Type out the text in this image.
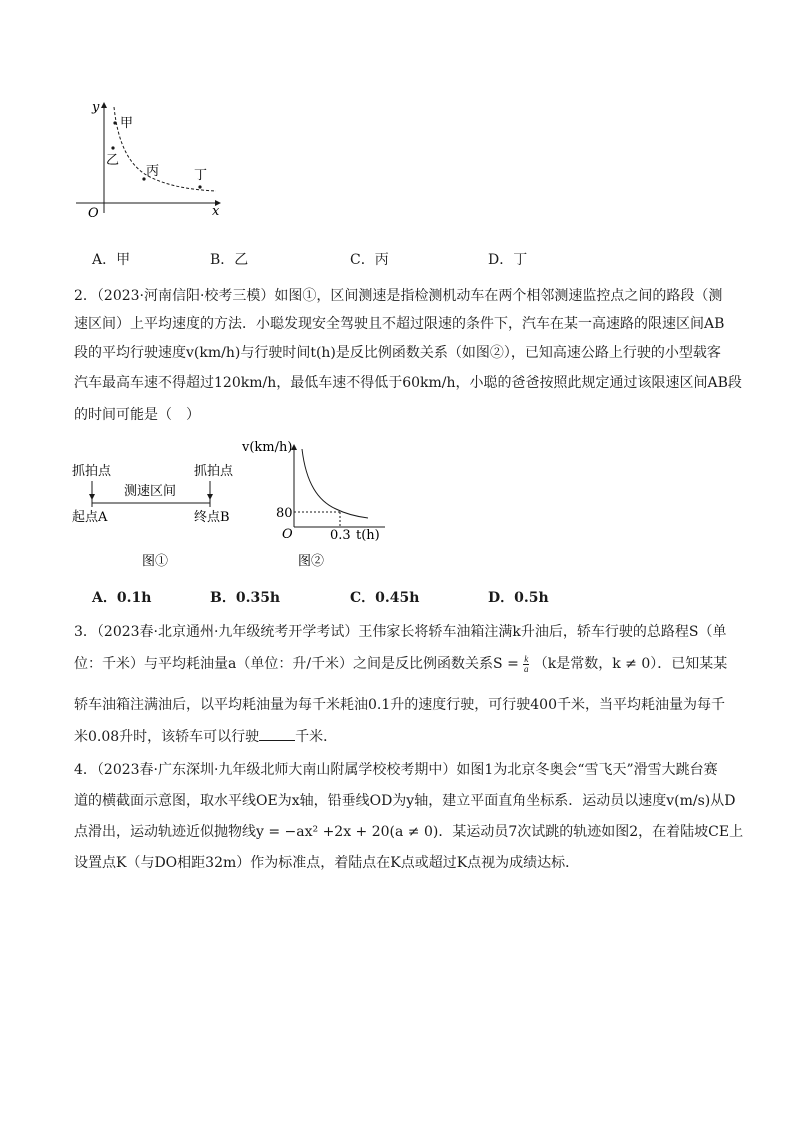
y
x
O
甲
乙
丙	丁
A．甲	B．乙	C．丙	D．丁
2．（2023·河南信阳·校考三模）如图①，区间测速是指检测机动车在两个相邻测速监控点之间的路段（测
速区间）上平均速度的方法．小聪发现安全驾驶且不超过限速的条件下，汽车在某一高速路的限速区间AB
段的平均行驶速度v(km/h)与行驶时间t(h)是反比例函数关系（如图②），已知高速公路上行驶的小型载客
汽车最高车速不得超过120km/h，最低车速不得低于60km/h，小聪的爸爸按照此规定通过该限速区间AB段
的时间可能是（　）
抓拍点	抓拍点
测速区间
起点A	终点B
图①
v(km/h)
80
O	0.3 t(h)
图②
A．0.1h	B．0.35h	C．0.45h	D．0.5h
3．（2023春·北京通州·九年级统考开学考试）王伟家长将轿车油箱注满k升油后，轿车行驶的总路程S（单
位：千米）与平均耗油量a（单位：升/千米）之间是反比例函数关系$S = \frac{k}{a} (k$是常数，k ≠ 0）．已知某某
轿车油箱注满油后，以平均耗油量为每千米耗油0.1升的速度行驶，可行驶400千米，当平均耗油量为每千
米0.08升时，该轿车可以行驶	千米．
4．（2023春·广东深圳·九年级北师大南山附属学校校考期中）如图1为北京冬奥会“雪飞天”滑雪大跳台赛
道的横截面示意图，取水平线OE为x轴，铅垂线OD为y轴，建立平面直角坐标系．运动员以速度v(m/s)从D
点滑出，运动轨迹近似抛物线y = −ax² +2x + 20(a ≠ 0)．某运动员7次试跳的轨迹如图2，在着陆坡CE上
设置点K（与DO相距32m）作为标准点，着陆点在K点或超过K点视为成绩达标．
